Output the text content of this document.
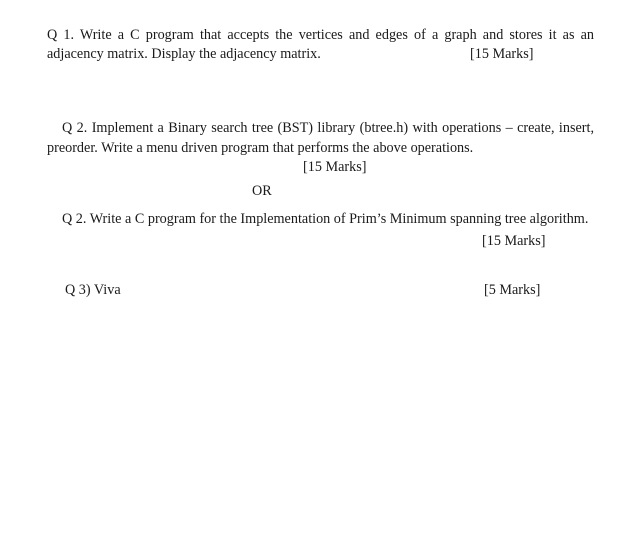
Q 1. Write a C program that accepts the vertices and edges of a graph and stores it as an
adjacency matrix. Display the adjacency matrix.	[15 Marks]
Q 2. Implement a Binary search tree (BST) library (btree.h) with operations – create, insert,
preorder. Write a menu driven program that performs the above operations.
[15 Marks]
OR
Q 2. Write a C program for the Implementation of Prim’s Minimum spanning tree algorithm.
[15 Marks]
Q 3) Viva	[5 Marks]
